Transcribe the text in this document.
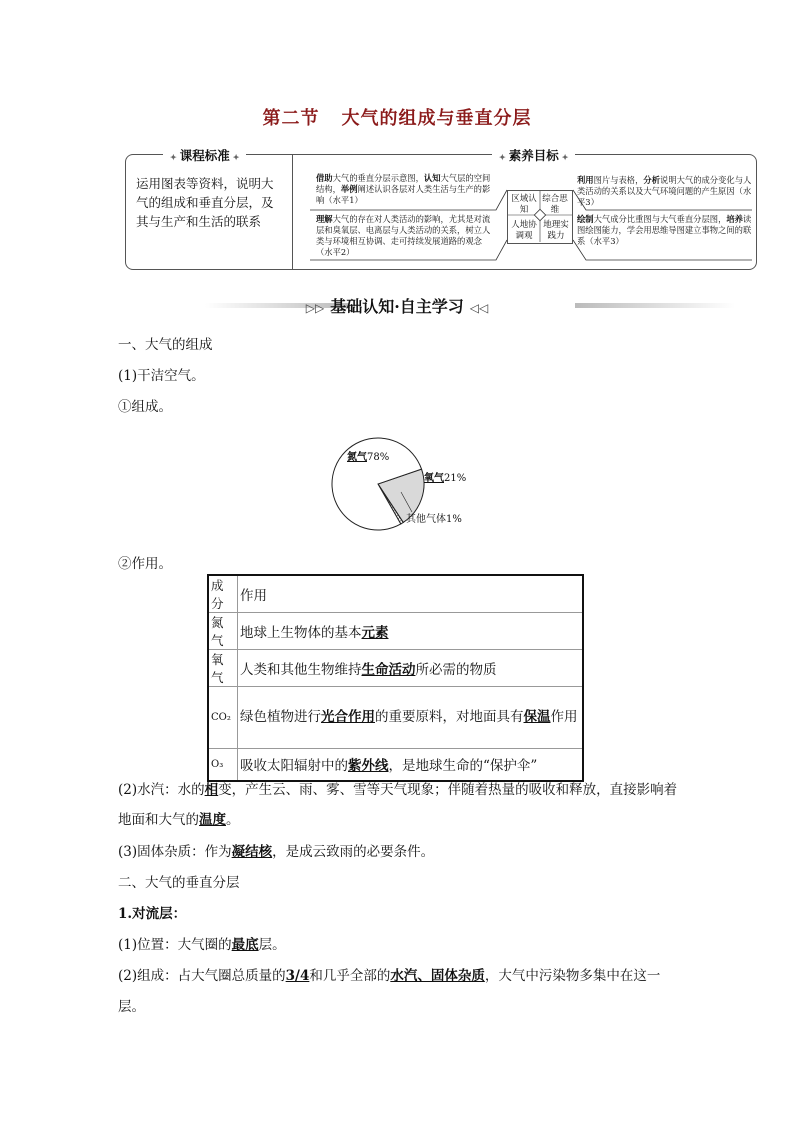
第二节 大气的组成与垂直分层
✦ 课程标准 ✦	✦ 素养目标 ✦
运用图表等资料，说明大气的组成和垂直分层，及其与生产和生活的联系
借助大气的垂直分层示意图，认知大气层的空间结构，举例阐述认识各层对人类生活与生产的影响（水平1）
理解大气的存在对人类活动的影响，尤其是对流层和臭氧层、电离层与人类活动的关系，树立人类与环境相互协调、走可持续发展道路的观念（水平2）
利用图片与表格，分析说明大气的成分变化与人类活动的关系以及大气环境问题的产生原因（水平3）
绘制大气成分比重图与大气垂直分层图，培养读图绘图能力，学会用思维导图建立事物之间的联系（水平3）
区域认知
综合思维
人地协调观
地理实践力
▷▷ 基础认知·自主学习 ◁◁
一、大气的组成
(1)干洁空气。
①组成。
氮气78%
氧气21%
其他气体1%
②作用。
成分	作用
氮气	地球上生物体的基本元素
氧气	人类和其他生物维持生命活动所必需的物质
CO₂	绿色植物进行光合作用的重要原料，对地面具有保温作用
O₃	吸收太阳辐射中的紫外线，是地球生命的“保护伞”
(2)水汽：水的相变，产生云、雨、雾、雪等天气现象；伴随着热量的吸收和释放，直接影响着
地面和大气的温度。
(3)固体杂质：作为凝结核，是成云致雨的必要条件。
二、大气的垂直分层
1.对流层：
(1)位置：大气圈的最底层。
(2)组成：占大气圈总质量的3/4和几乎全部的水汽、固体杂质，大气中污染物多集中在这一
层。
